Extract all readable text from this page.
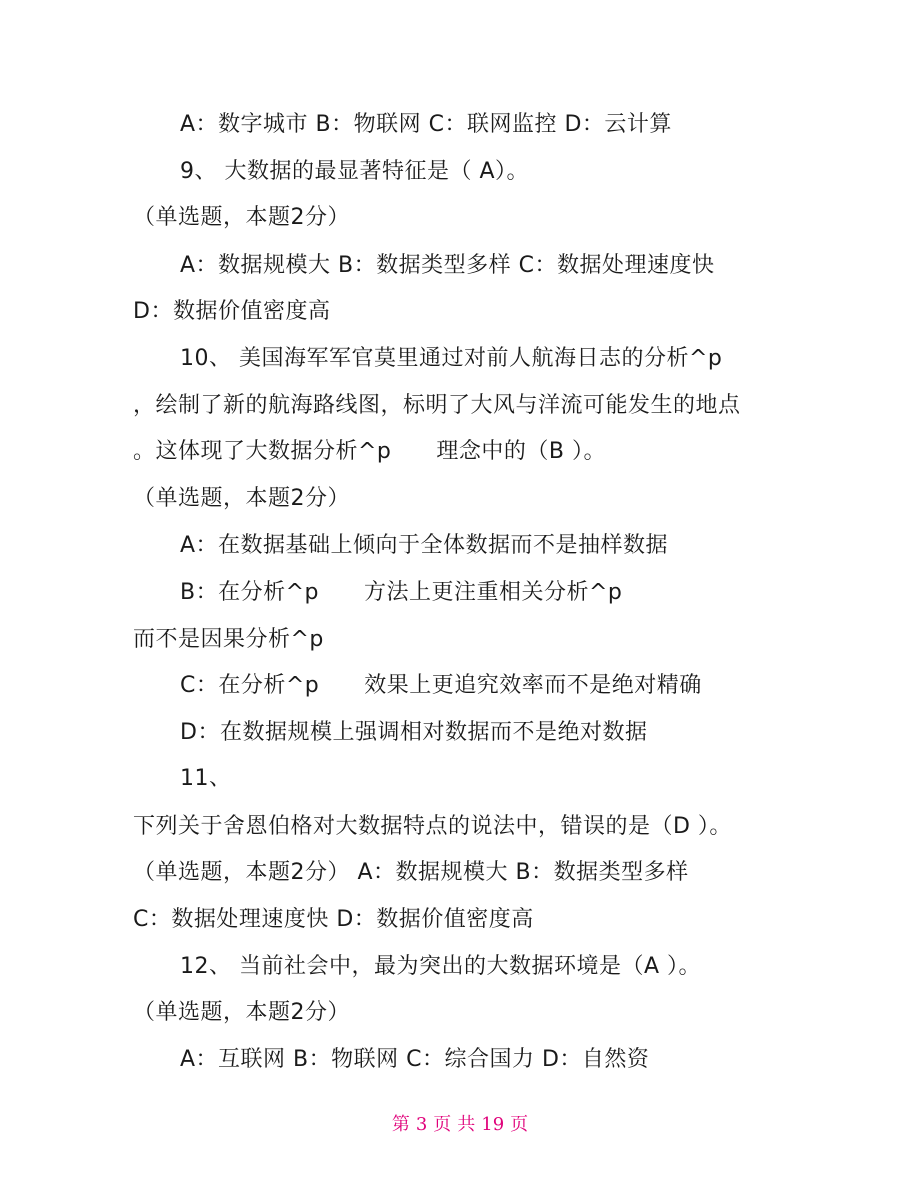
A：数字城市 B：物联网 C：联网监控 D：云计算
9、 大数据的最显著特征是（ A）。
（单选题，本题2分）
A：数据规模大 B：数据类型多样 C：数据处理速度快
D：数据价值密度高
10、 美国海军军官莫里通过对前人航海日志的分析^p
，绘制了新的航海路线图，标明了大风与洋流可能发生的地点
。这体现了大数据分析^p　　理念中的（B ）。
（单选题，本题2分）
A：在数据基础上倾向于全体数据而不是抽样数据
B：在分析^p　　方法上更注重相关分析^p
而不是因果分析^p
C：在分析^p　　效果上更追究效率而不是绝对精确
D：在数据规模上强调相对数据而不是绝对数据
11、
下列关于舍恩伯格对大数据特点的说法中，错误的是（D ）。
（单选题，本题2分） A：数据规模大 B：数据类型多样
C：数据处理速度快 D：数据价值密度高
12、 当前社会中，最为突出的大数据环境是（A ）。
（单选题，本题2分）
A：互联网 B：物联网 C：综合国力 D：自然资
第 3 页 共 19 页
